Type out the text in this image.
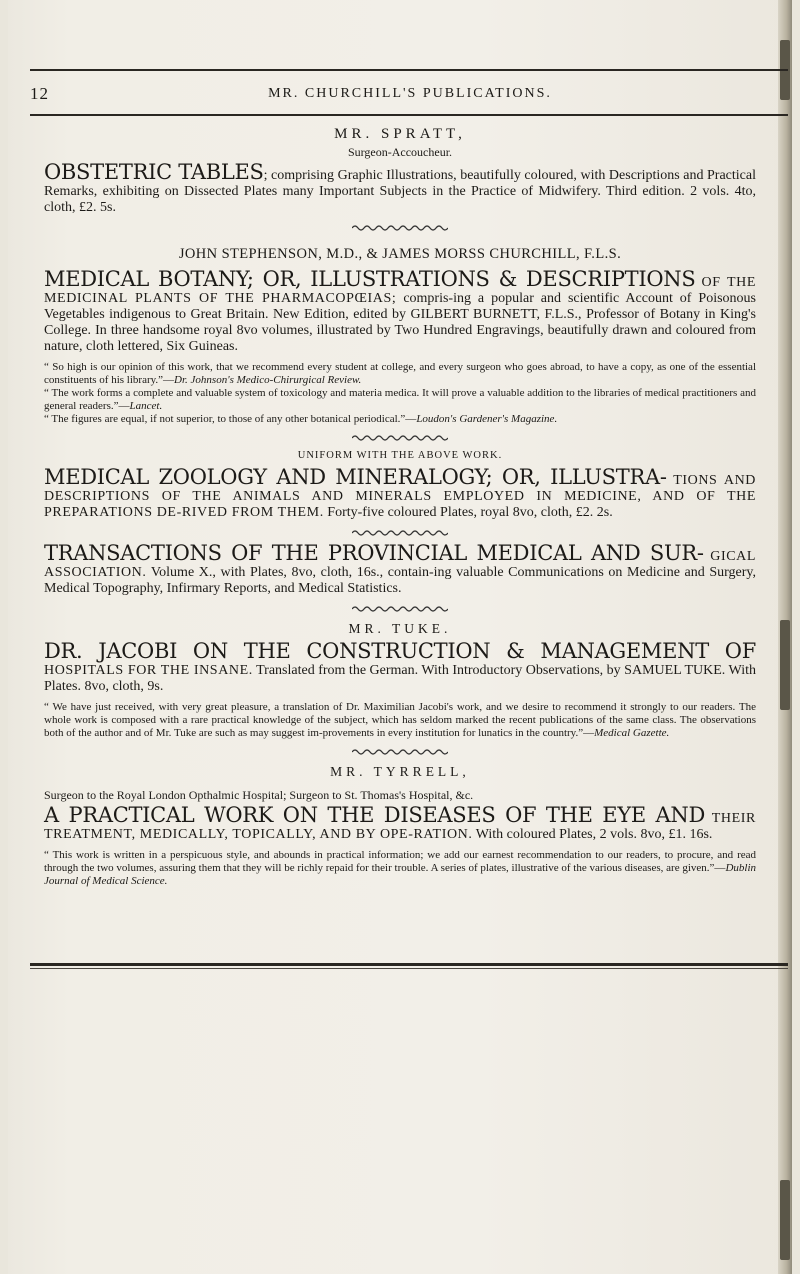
12	MR. CHURCHILL'S PUBLICATIONS.

MR. SPRATT,

Surgeon-Accoucheur.

OBSTETRIC TABLES; comprising Graphic Illustrations, beautifully coloured, with Descriptions and Practical Remarks, exhibiting on Dissected Plates many Important Subjects in the Practice of Midwifery. Third edition. 2 vols. 4to, cloth, £2. 5s.

JOHN STEPHENSON, M.D., & JAMES MORSS CHURCHILL, F.L.S.

MEDICAL BOTANY; OR, ILLUSTRATIONS & DESCRIPTIONS OF THE MEDICINAL PLANTS OF THE PHARMACOPŒIAS; compris-ing a popular and scientific Account of Poisonous Vegetables indigenous to Great Britain. New Edition, edited by GILBERT BURNETT, F.L.S., Professor of Botany in King's College. In three handsome royal 8vo volumes, illustrated by Two Hundred Engravings, beautifully drawn and coloured from nature, cloth lettered, Six Guineas.

“ So high is our opinion of this work, that we recommend every student at college, and every surgeon who goes abroad, to have a copy, as one of the essential constituents of his library.”—Dr. Johnson's Medico-Chirurgical Review.

“ The work forms a complete and valuable system of toxicology and materia medica. It will prove a valuable addition to the libraries of medical practitioners and general readers.”—Lancet.

“ The figures are equal, if not superior, to those of any other botanical periodical.”—Loudon's Gardener's Magazine.

UNIFORM WITH THE ABOVE WORK.

MEDICAL ZOOLOGY AND MINERALOGY; OR, ILLUSTRA- TIONS AND DESCRIPTIONS OF THE ANIMALS AND MINERALS EMPLOYED IN MEDICINE, AND OF THE PREPARATIONS DE-RIVED FROM THEM. Forty-five coloured Plates, royal 8vo, cloth, £2. 2s.

TRANSACTIONS OF THE PROVINCIAL MEDICAL AND SUR- GICAL ASSOCIATION. Volume X., with Plates, 8vo, cloth, 16s., contain-ing valuable Communications on Medicine and Surgery, Medical Topography, Infirmary Reports, and Medical Statistics.

MR. TUKE.

DR. JACOBI ON THE CONSTRUCTION & MANAGEMENT OF HOSPITALS FOR THE INSANE. Translated from the German. With Introductory Observations, by SAMUEL TUKE. With Plates. 8vo, cloth, 9s.

“ We have just received, with very great pleasure, a translation of Dr. Maximilian Jacobi's work, and we desire to recommend it strongly to our readers. The whole work is composed with a rare practical knowledge of the subject, which has seldom marked the recent publications of the same class. The observations both of the author and of Mr. Tuke are such as may suggest im-provements in every institution for lunatics in the country.”—Medical Gazette.

MR. TYRRELL,

Surgeon to the Royal London Opthalmic Hospital; Surgeon to St. Thomas's Hospital, &c.

A PRACTICAL WORK ON THE DISEASES OF THE EYE AND THEIR TREATMENT, MEDICALLY, TOPICALLY, AND BY OPE-RATION. With coloured Plates, 2 vols. 8vo, £1. 16s.

“ This work is written in a perspicuous style, and abounds in practical information; we add our earnest recommendation to our readers, to procure, and read through the two volumes, assuring them that they will be richly repaid for their trouble. A series of plates, illustrative of the various diseases, are given.”—Dublin Journal of Medical Science.
